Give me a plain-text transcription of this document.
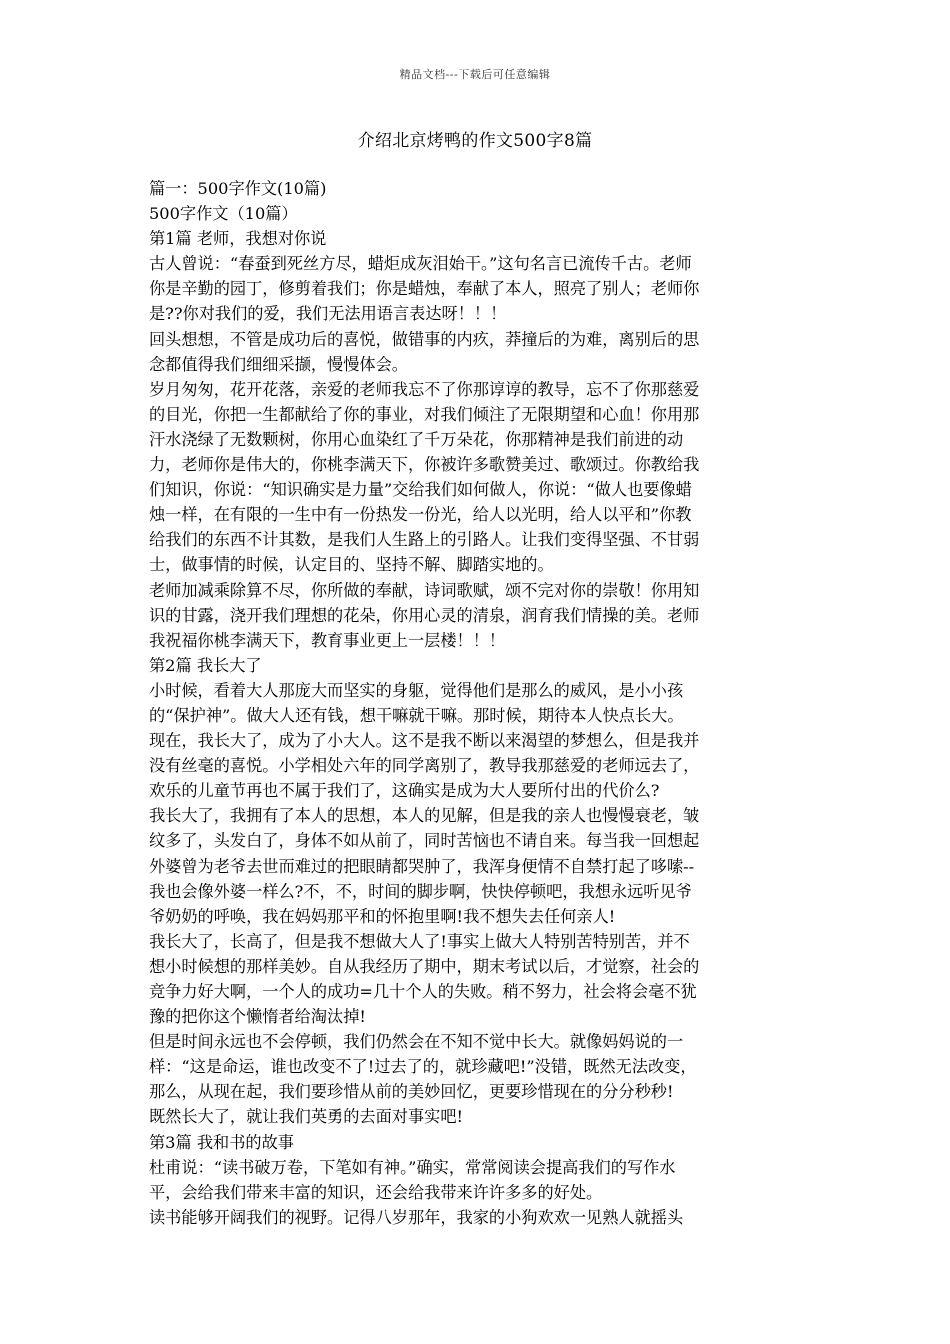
精品文档---下载后可任意编辑
介绍北京烤鸭的作文500字8篇

篇一：500字作文(10篇)

500字作文（10篇）

第1篇 老师，我想对你说

古人曾说：“春蚕到死丝方尽，蜡炬成灰泪始干。”这句名言已流传千古。老师

你是辛勤的园丁，修剪着我们；你是蜡烛，奉献了本人，照亮了别人；老师你

是??你对我们的爱，我们无法用语言表达呀！！！

回头想想，不管是成功后的喜悦，做错事的内疚，莽撞后的为难，离别后的思

念都值得我们细细采撷，慢慢体会。

岁月匆匆，花开花落，亲爱的老师我忘不了你那谆谆的教导，忘不了你那慈爱

的目光，你把一生都献给了你的事业，对我们倾注了无限期望和心血！你用那

汗水浇绿了无数颗树，你用心血染红了千万朵花，你那精神是我们前进的动

力，老师你是伟大的，你桃李满天下，你被许多歌赞美过、歌颂过。你教给我

们知识，你说：“知识确实是力量”交给我们如何做人，你说：“做人也要像蜡

烛一样，在有限的一生中有一份热发一份光，给人以光明，给人以平和”你教

给我们的东西不计其数，是我们人生路上的引路人。让我们变得坚强、不甘弱

士，做事情的时候，认定目的、坚持不解、脚踏实地的。

老师加减乘除算不尽，你所做的奉献，诗词歌赋，颂不完对你的崇敬！你用知

识的甘露，浇开我们理想的花朵，你用心灵的清泉，润育我们情操的美。老师

我祝福你桃李满天下，教育事业更上一层楼！！！

第2篇 我长大了

小时候，看着大人那庞大而坚实的身躯，觉得他们是那么的威风，是小小孩

的“保护神”。做大人还有钱，想干嘛就干嘛。那时候，期待本人快点长大。

现在，我长大了，成为了小大人。这不是我不断以来渴望的梦想么，但是我并

没有丝毫的喜悦。小学相处六年的同学离别了，教导我那慈爱的老师远去了，

欢乐的儿童节再也不属于我们了，这确实是成为大人要所付出的代价么?

我长大了，我拥有了本人的思想，本人的见解，但是我的亲人也慢慢衰老，皱

纹多了，头发白了，身体不如从前了，同时苦恼也不请自来。每当我一回想起

外婆曾为老爷去世而难过的把眼睛都哭肿了，我浑身便情不自禁打起了哆嗦--

我也会像外婆一样么?不，不，时间的脚步啊，快快停顿吧，我想永远听见爷

爷奶奶的呼唤，我在妈妈那平和的怀抱里啊!我不想失去任何亲人!

我长大了，长高了，但是我不想做大人了!事实上做大人特别苦特别苦，并不

想小时候想的那样美妙。自从我经历了期中，期末考试以后，才觉察，社会的

竞争力好大啊，一个人的成功=几十个人的失败。稍不努力，社会将会毫不犹

豫的把你这个懒惰者给淘汰掉!

但是时间永远也不会停顿，我们仍然会在不知不觉中长大。就像妈妈说的一

样：“这是命运，谁也改变不了!过去了的，就珍藏吧!”没错，既然无法改变，

那么，从现在起，我们要珍惜从前的美妙回忆，更要珍惜现在的分分秒秒!

既然长大了，就让我们英勇的去面对事实吧!

第3篇 我和书的故事

杜甫说：“读书破万卷，下笔如有神。”确实，常常阅读会提高我们的写作水

平，会给我们带来丰富的知识，还会给我带来许许多多的好处。

读书能够开阔我们的视野。记得八岁那年，我家的小狗欢欢一见熟人就摇头
